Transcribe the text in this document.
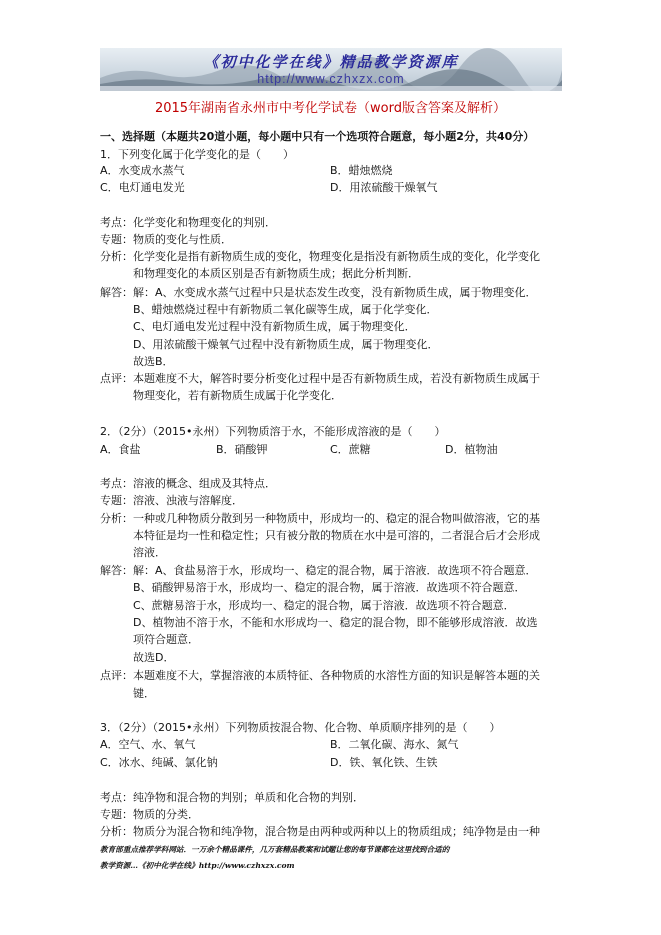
《初中化学在线》精品教学资源库
http://www.czhxzx.com
2015年湖南省永州市中考化学试卷（word版含答案及解析）
一、选择题（本题共20道小题，每小题中只有一个选项符合题意，每小题2分，共40分）
1．下列变化属于化学变化的是（　　）
A．水变成水蒸气	B．蜡烛燃烧
C．电灯通电发光	D．用浓硫酸干燥氧气
考点： 化学变化和物理变化的判别．
专题： 物质的变化与性质．
分析： 化学变化是指有新物质生成的变化，物理变化是指没有新物质生成的变化，化学变化
和物理变化的本质区别是否有新物质生成；据此分析判断．
解答： 解：A、水变成水蒸气过程中只是状态发生改变，没有新物质生成，属于物理变化．
B、蜡烛燃烧过程中有新物质二氧化碳等生成，属于化学变化．
C、电灯通电发光过程中没有新物质生成，属于物理变化．
D、用浓硫酸干燥氧气过程中没有新物质生成，属于物理变化．
故选B．
点评： 本题难度不大，解答时要分析变化过程中是否有新物质生成，若没有新物质生成属于
物理变化，若有新物质生成属于化学变化．
2．（2分）（2015•永州）下列物质溶于水，不能形成溶液的是（　　）
A．食盐	B．硝酸钾	C．蔗糖	D．植物油
考点： 溶液的概念、组成及其特点．
专题： 溶液、浊液与溶解度．
分析： 一种或几种物质分散到另一种物质中，形成均一的、稳定的混合物叫做溶液，它的基
本特征是均一性和稳定性；只有被分散的物质在水中是可溶的，二者混合后才会形成
溶液．
解答： 解：A、食盐易溶于水，形成均一、稳定的混合物，属于溶液．故选项不符合题意．
B、硝酸钾易溶于水，形成均一、稳定的混合物，属于溶液．故选项不符合题意．
C、蔗糖易溶于水，形成均一、稳定的混合物，属于溶液．故选项不符合题意．
D、植物油不溶于水，不能和水形成均一、稳定的混合物，即不能够形成溶液．故选
项符合题意．
故选D．
点评： 本题难度不大，掌握溶液的本质特征、各种物质的水溶性方面的知识是解答本题的关
键．
3．（2分）（2015•永州）下列物质按混合物、化合物、单质顺序排列的是（　　）
A．空气、水、氧气	B．二氧化碳、海水、氮气
C．冰水、纯碱、氯化钠	D．铁、氧化铁、生铁
考点： 纯净物和混合物的判别；单质和化合物的判别．
专题： 物质的分类．
分析： 物质分为混合物和纯净物，混合物是由两种或两种以上的物质组成；纯净物是由一种
教育部重点推荐学科网站．一万余个精品课件，几万套精品教案和试题让您的每节课都在这里找到合适的
教学资源…《初中化学在线》http://www.czhxzx.com
